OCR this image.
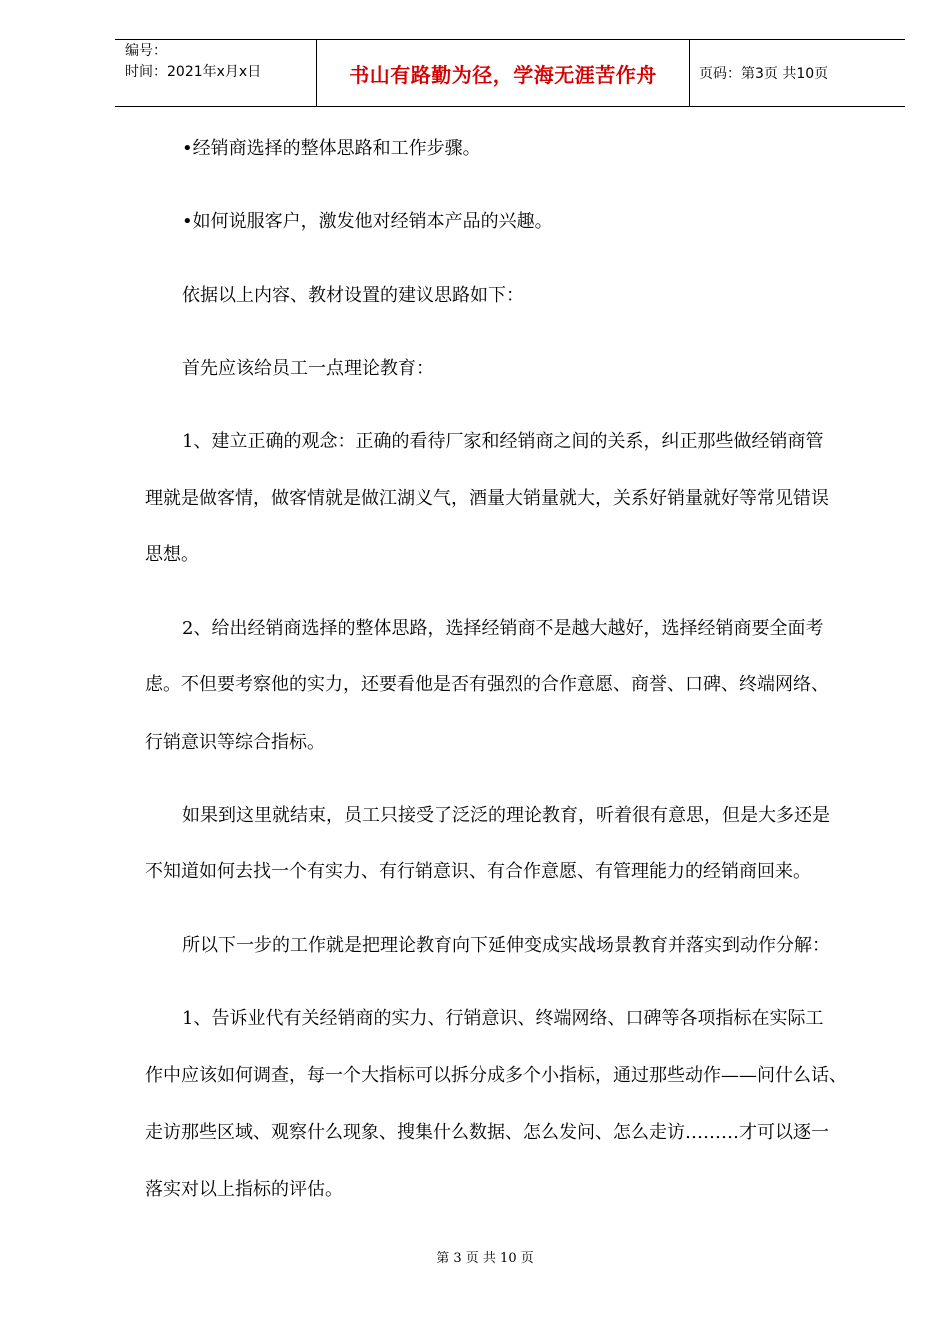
编号：
时间：2021年x月x日	书山有路勤为径，学海无涯苦作舟	页码：第3页 共10页
•经销商选择的整体思路和工作步骤。
•如何说服客户，激发他对经销本产品的兴趣。
依据以上内容、教材设置的建议思路如下：
首先应该给员工一点理论教育：
1、建立正确的观念：正确的看待厂家和经销商之间的关系，纠正那些做经销商管
理就是做客情，做客情就是做江湖义气，酒量大销量就大，关系好销量就好等常见错误
思想。
2、给出经销商选择的整体思路，选择经销商不是越大越好，选择经销商要全面考
虑。不但要考察他的实力，还要看他是否有强烈的合作意愿、商誉、口碑、终端网络、
行销意识等综合指标。
如果到这里就结束，员工只接受了泛泛的理论教育，听着很有意思，但是大多还是
不知道如何去找一个有实力、有行销意识、有合作意愿、有管理能力的经销商回来。
所以下一步的工作就是把理论教育向下延伸变成实战场景教育并落实到动作分解：
1、告诉业代有关经销商的实力、行销意识、终端网络、口碑等各项指标在实际工
作中应该如何调查，每一个大指标可以拆分成多个小指标，通过那些动作——问什么话、
走访那些区域、观察什么现象、搜集什么数据、怎么发问、怎么走访………才可以逐一
落实对以上指标的评估。
第 3 页 共 10 页
